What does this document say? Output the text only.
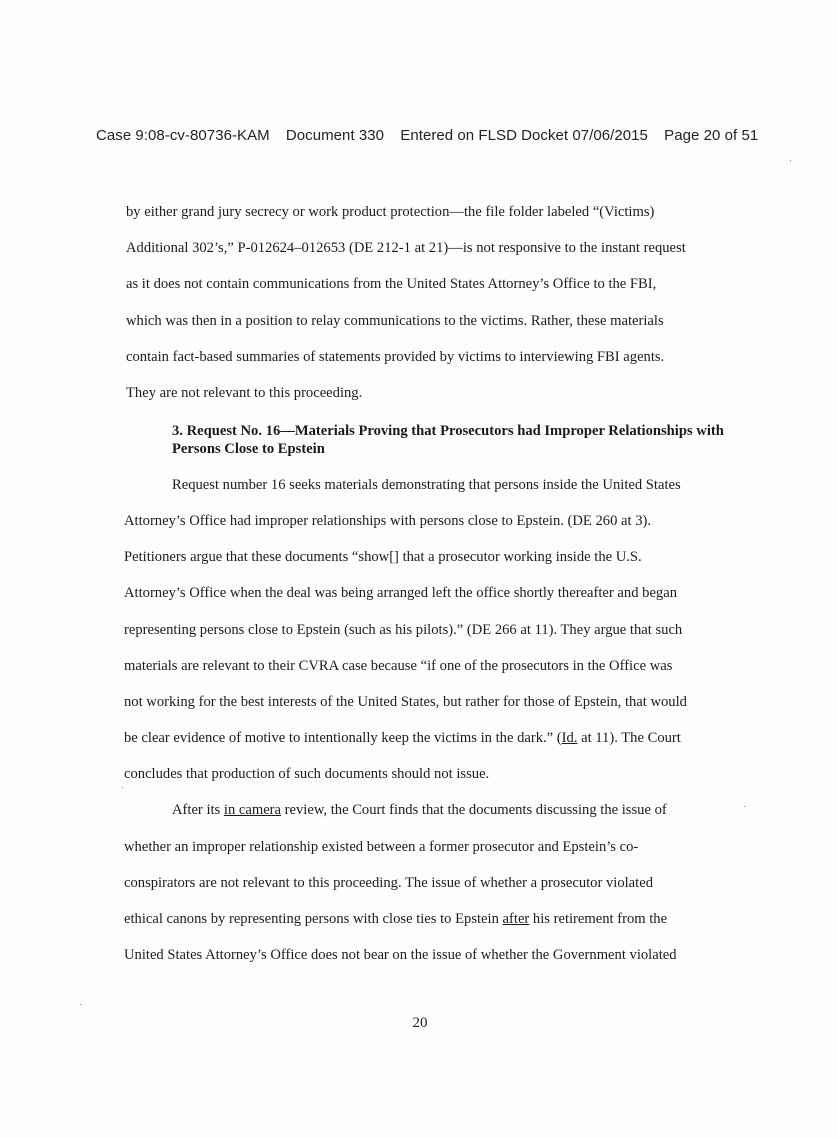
Case 9:08-cv-80736-KAM Document 330 Entered on FLSD Docket 07/06/2015 Page 20 of 51
by either grand jury secrecy or work product protection—the file folder labeled “(Victims)
Additional 302’s,” P-012624–012653 (DE 212-1 at 21)—is not responsive to the instant request
as it does not contain communications from the United States Attorney’s Office to the FBI,
which was then in a position to relay communications to the victims. Rather, these materials
contain fact-based summaries of statements provided by victims to interviewing FBI agents.
They are not relevant to this proceeding.
3. Request No. 16—Materials Proving that Prosecutors had Improper Relationships with Persons Close to Epstein
Request number 16 seeks materials demonstrating that persons inside the United States
Attorney’s Office had improper relationships with persons close to Epstein. (DE 260 at 3).
Petitioners argue that these documents “show[] that a prosecutor working inside the U.S.
Attorney’s Office when the deal was being arranged left the office shortly thereafter and began
representing persons close to Epstein (such as his pilots).” (DE 266 at 11). They argue that such
materials are relevant to their CVRA case because “if one of the prosecutors in the Office was
not working for the best interests of the United States, but rather for those of Epstein, that would
be clear evidence of motive to intentionally keep the victims in the dark.” (Id. at 11). The Court
concludes that production of such documents should not issue.
After its in camera review, the Court finds that the documents discussing the issue of
whether an improper relationship existed between a former prosecutor and Epstein’s co-
conspirators are not relevant to this proceeding. The issue of whether a prosecutor violated
ethical canons by representing persons with close ties to Epstein after his retirement from the
United States Attorney’s Office does not bear on the issue of whether the Government violated
20
